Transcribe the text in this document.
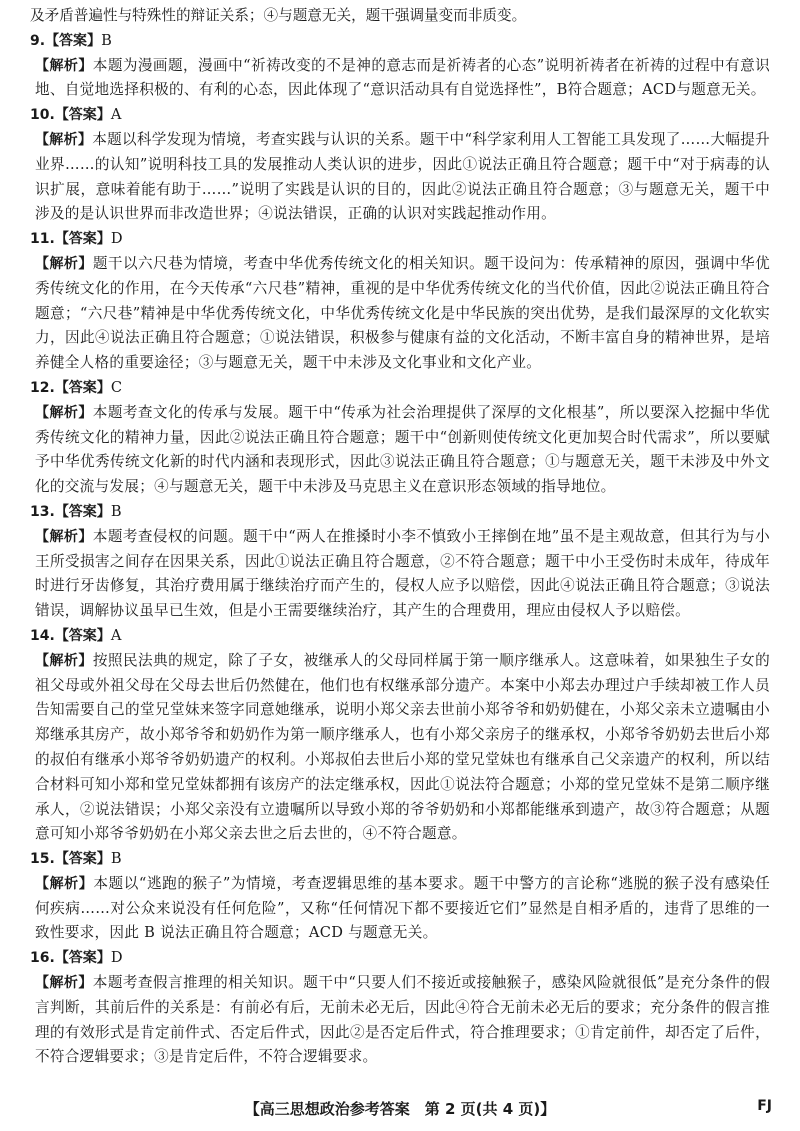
及矛盾普遍性与特殊性的辩证关系；④与题意无关，题干强调量变而非质变。

9.【答案】B

【解析】本题为漫画题，漫画中“祈祷改变的不是神的意志而是祈祷者的心态”说明祈祷者在祈祷的过程中有意识地、自觉地选择积极的、有利的心态，因此体现了“意识活动具有自觉选择性”，B符合题意；ACD与题意无关。

10.【答案】A

【解析】本题以科学发现为情境，考查实践与认识的关系。题干中“科学家利用人工智能工具发现了……大幅提升业界……的认知”说明科技工具的发展推动人类认识的进步，因此①说法正确且符合题意；题干中“对于病毒的认识扩展，意味着能有助于……”说明了实践是认识的目的，因此②说法正确且符合题意；③与题意无关，题干中涉及的是认识世界而非改造世界；④说法错误，正确的认识对实践起推动作用。

11.【答案】D

【解析】题干以六尺巷为情境，考查中华优秀传统文化的相关知识。题干设问为：传承精神的原因，强调中华优秀传统文化的作用，在今天传承“六尺巷”精神，重视的是中华优秀传统文化的当代价值，因此②说法正确且符合题意；“六尺巷”精神是中华优秀传统文化，中华优秀传统文化是中华民族的突出优势，是我们最深厚的文化软实力，因此④说法正确且符合题意；①说法错误，积极参与健康有益的文化活动，不断丰富自身的精神世界，是培养健全人格的重要途径；③与题意无关，题干中未涉及文化事业和文化产业。

12.【答案】C

【解析】本题考查文化的传承与发展。题干中“传承为社会治理提供了深厚的文化根基”，所以要深入挖掘中华优秀传统文化的精神力量，因此②说法正确且符合题意；题干中“创新则使传统文化更加契合时代需求”，所以要赋予中华优秀传统文化新的时代内涵和表现形式，因此③说法正确且符合题意；①与题意无关，题干未涉及中外文化的交流与发展；④与题意无关，题干中未涉及马克思主义在意识形态领域的指导地位。

13.【答案】B

【解析】本题考查侵权的问题。题干中“两人在推搡时小李不慎致小王摔倒在地”虽不是主观故意，但其行为与小王所受损害之间存在因果关系，因此①说法正确且符合题意，②不符合题意；题干中小王受伤时未成年，待成年时进行牙齿修复，其治疗费用属于继续治疗而产生的，侵权人应予以赔偿，因此④说法正确且符合题意；③说法错误，调解协议虽早已生效，但是小王需要继续治疗，其产生的合理费用，理应由侵权人予以赔偿。

14.【答案】A

【解析】按照民法典的规定，除了子女，被继承人的父母同样属于第一顺序继承人。这意味着，如果独生子女的祖父母或外祖父母在父母去世后仍然健在，他们也有权继承部分遗产。本案中小郑去办理过户手续却被工作人员告知需要自己的堂兄堂妹来签字同意她继承，说明小郑父亲去世前小郑爷爷和奶奶健在，小郑父亲未立遗嘱由小郑继承其房产，故小郑爷爷和奶奶作为第一顺序继承人，也有小郑父亲房子的继承权，小郑爷爷奶奶去世后小郑的叔伯有继承小郑爷爷奶奶遗产的权利。小郑叔伯去世后小郑的堂兄堂妹也有继承自己父亲遗产的权利，所以结合材料可知小郑和堂兄堂妹都拥有该房产的法定继承权，因此①说法符合题意；小郑的堂兄堂妹不是第二顺序继承人，②说法错误；小郑父亲没有立遗嘱所以导致小郑的爷爷奶奶和小郑都能继承到遗产，故③符合题意；从题意可知小郑爷爷奶奶在小郑父亲去世之后去世的，④不符合题意。

15.【答案】B

【解析】本题以“逃跑的猴子”为情境，考查逻辑思维的基本要求。题干中警方的言论称“逃脱的猴子没有感染任何疾病……对公众来说没有任何危险”，又称“任何情况下都不要接近它们”显然是自相矛盾的，违背了思维的一致性要求，因此 B 说法正确且符合题意；ACD 与题意无关。

16.【答案】D

【解析】本题考查假言推理的相关知识。题干中“只要人们不接近或接触猴子，感染风险就很低”是充分条件的假言判断，其前后件的关系是：有前必有后，无前未必无后，因此④符合无前未必无后的要求；充分条件的假言推理的有效形式是肯定前件式、否定后件式，因此②是否定后件式，符合推理要求；①肯定前件，却否定了后件，不符合逻辑要求；③是肯定后件，不符合逻辑要求。

【高三思想政治参考答案　第 2 页(共 4 页)】	FJ
